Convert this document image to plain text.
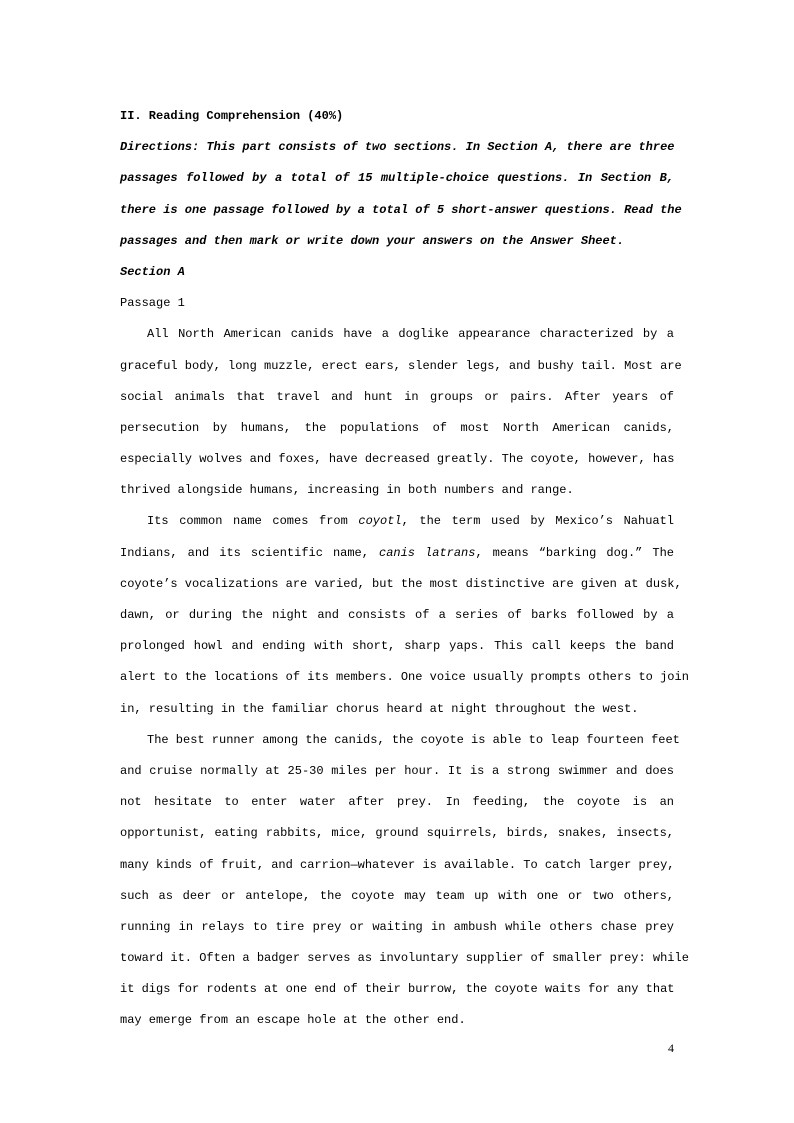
II. Reading Comprehension (40%)
Directions: This part consists of two sections. In Section A, there are three
passages followed by a total of 15 multiple-choice questions. In Section B,
there is one passage followed by a total of 5 short-answer questions. Read the
passages and then mark or write down your answers on the Answer Sheet.
Section A
Passage 1
All North American canids have a doglike appearance characterized by a
graceful body, long muzzle, erect ears, slender legs, and bushy tail. Most are
social animals that travel and hunt in groups or pairs. After years of
persecution by humans, the populations of most North American canids,
especially wolves and foxes, have decreased greatly. The coyote, however, has
thrived alongside humans, increasing in both numbers and range.
Its common name comes from coyotl, the term used by Mexico’s Nahuatl
Indians, and its scientific name, canis latrans, means “barking dog.” The
coyote’s vocalizations are varied, but the most distinctive are given at dusk,
dawn, or during the night and consists of a series of barks followed by a
prolonged howl and ending with short, sharp yaps. This call keeps the band
alert to the locations of its members. One voice usually prompts others to join
in, resulting in the familiar chorus heard at night throughout the west.
The best runner among the canids, the coyote is able to leap fourteen feet
and cruise normally at 25-30 miles per hour. It is a strong swimmer and does
not hesitate to enter water after prey. In feeding, the coyote is an
opportunist, eating rabbits, mice, ground squirrels, birds, snakes, insects,
many kinds of fruit, and carrion—whatever is available. To catch larger prey,
such as deer or antelope, the coyote may team up with one or two others,
running in relays to tire prey or waiting in ambush while others chase prey
toward it. Often a badger serves as involuntary supplier of smaller prey: while
it digs for rodents at one end of their burrow, the coyote waits for any that
may emerge from an escape hole at the other end.
4
